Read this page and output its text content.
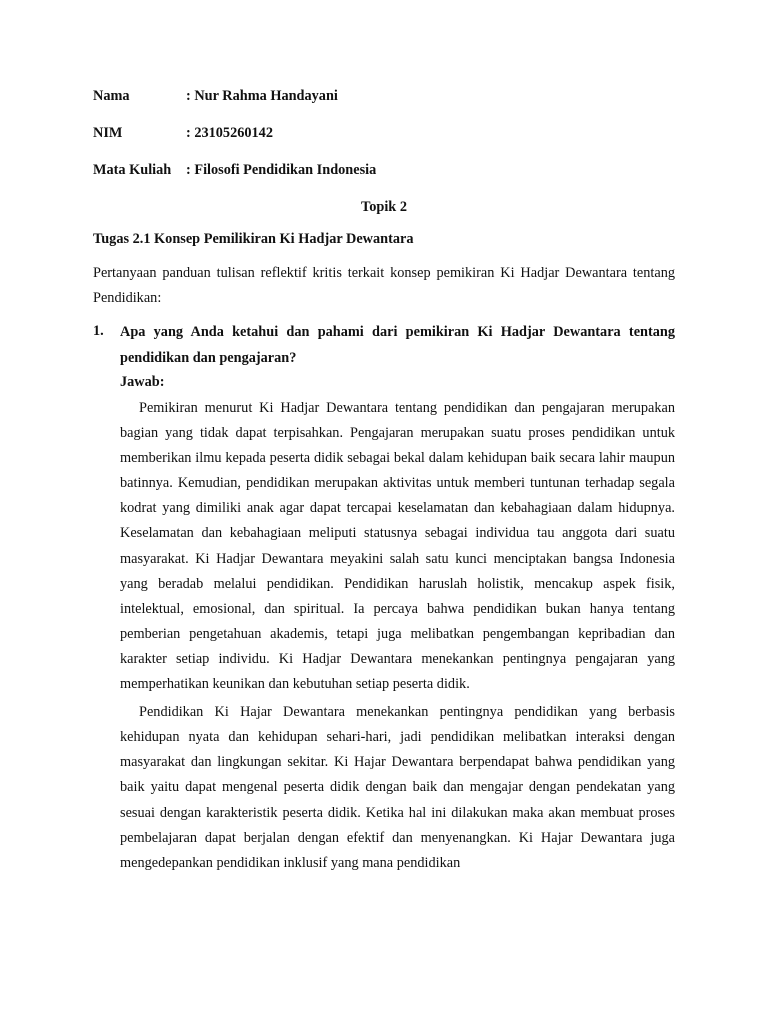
Nama	: Nur Rahma Handayani
NIM	: 23105260142
Mata Kuliah	: Filosofi Pendidikan Indonesia
Topik 2
Tugas 2.1 Konsep Pemilikiran Ki Hadjar Dewantara

Pertanyaan panduan tulisan reflektif kritis terkait konsep pemikiran Ki Hadjar Dewantara tentang Pendidikan:

1. Apa yang Anda ketahui dan pahami dari pemikiran Ki Hadjar Dewantara tentang pendidikan dan pengajaran?

Jawab:

Pemikiran menurut Ki Hadjar Dewantara tentang pendidikan dan pengajaran merupakan bagian yang tidak dapat terpisahkan. Pengajaran merupakan suatu proses pendidikan untuk memberikan ilmu kepada peserta didik sebagai bekal dalam kehidupan baik secara lahir maupun batinnya. Kemudian, pendidikan merupakan aktivitas untuk memberi tuntunan terhadap segala kodrat yang dimiliki anak agar dapat tercapai keselamatan dan kebahagiaan dalam hidupnya. Keselamatan dan kebahagiaan meliputi statusnya sebagai individua tau anggota dari suatu masyarakat. Ki Hadjar Dewantara meyakini salah satu kunci menciptakan bangsa Indonesia yang beradab melalui pendidikan. Pendidikan haruslah holistik, mencakup aspek fisik, intelektual, emosional, dan spiritual. Ia percaya bahwa pendidikan bukan hanya tentang pemberian pengetahuan akademis, tetapi juga melibatkan pengembangan kepribadian dan karakter setiap individu. Ki Hadjar Dewantara menekankan pentingnya pengajaran yang memperhatikan keunikan dan kebutuhan setiap peserta didik.

Pendidikan Ki Hajar Dewantara menekankan pentingnya pendidikan yang berbasis kehidupan nyata dan kehidupan sehari-hari, jadi pendidikan melibatkan interaksi dengan masyarakat dan lingkungan sekitar. Ki Hajar Dewantara berpendapat bahwa pendidikan yang baik yaitu dapat mengenal peserta didik dengan baik dan mengajar dengan pendekatan yang sesuai dengan karakteristik peserta didik. Ketika hal ini dilakukan maka akan membuat proses pembelajaran dapat berjalan dengan efektif dan menyenangkan. Ki Hajar Dewantara juga mengedepankan pendidikan inklusif yang mana pendidikan
